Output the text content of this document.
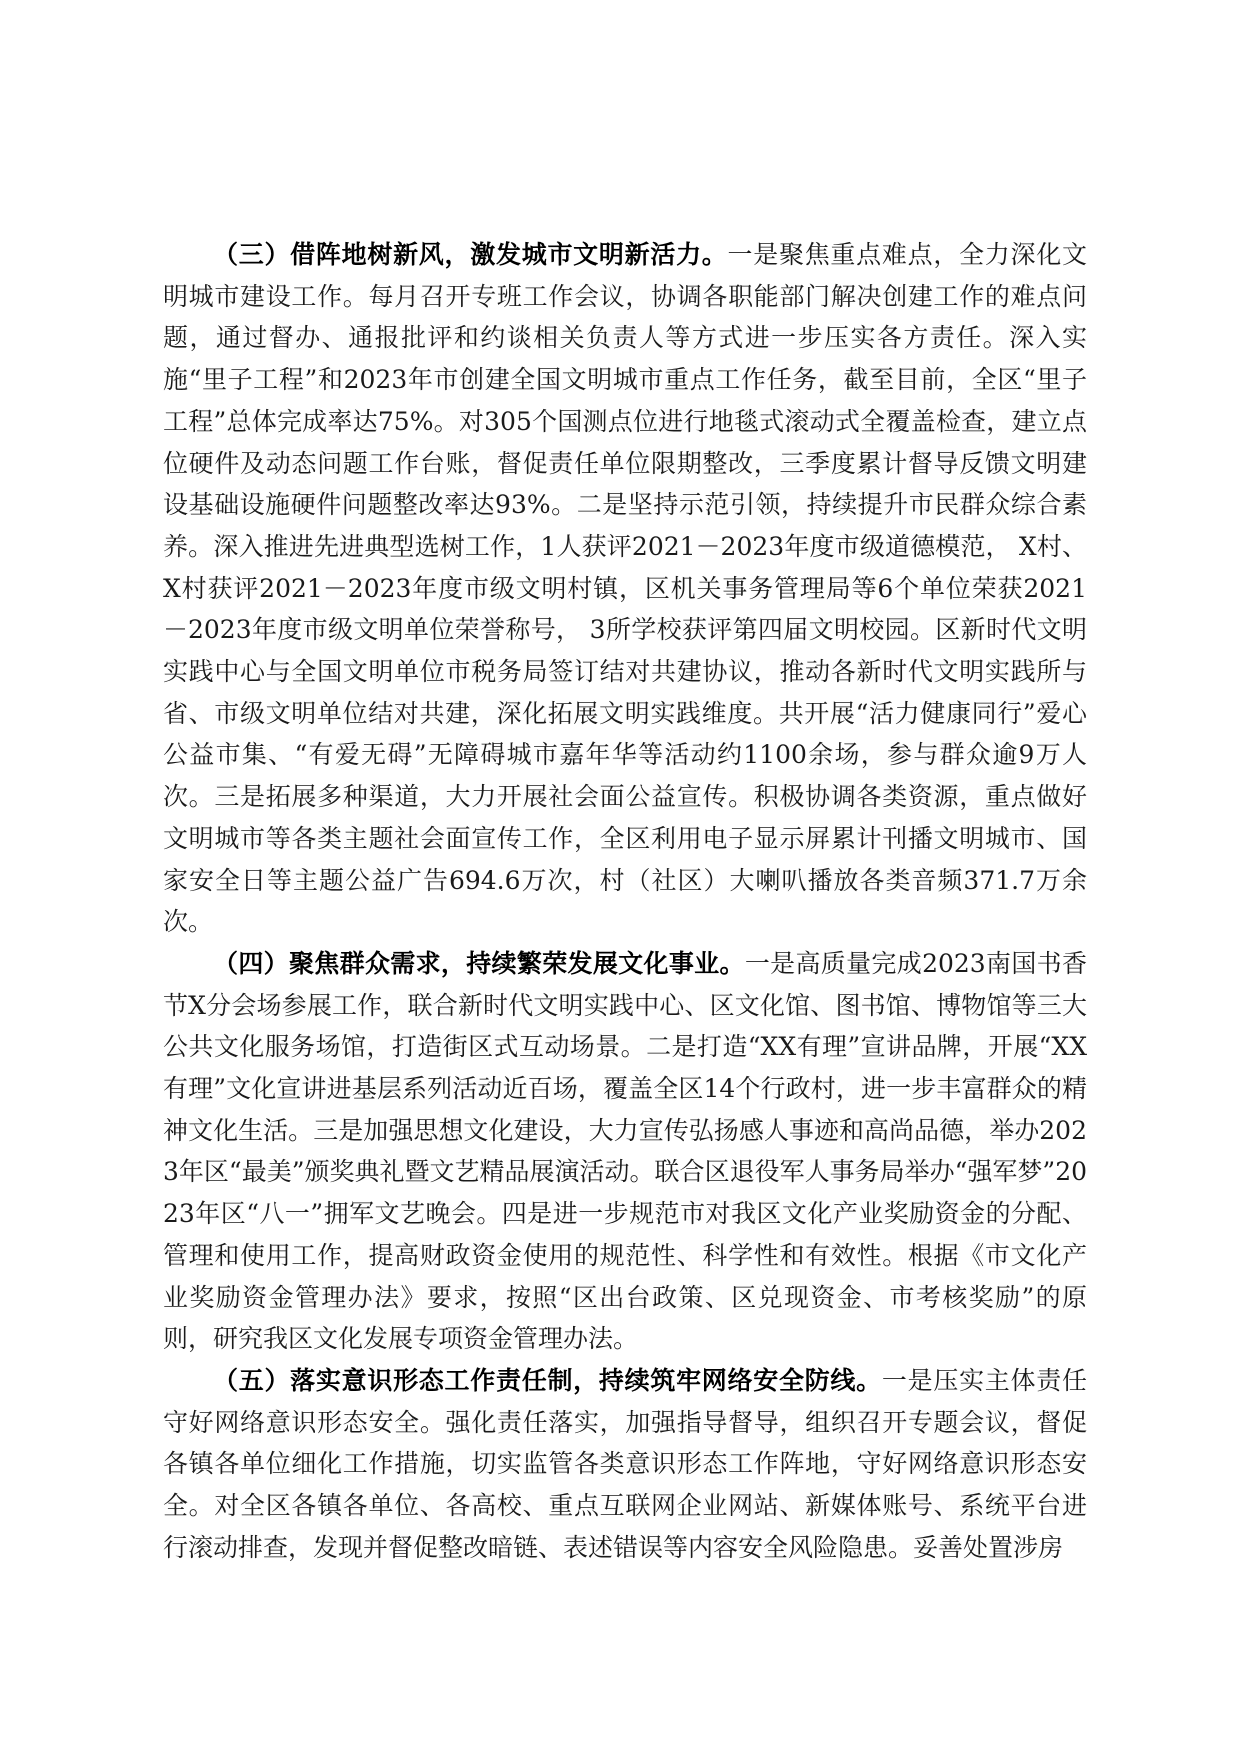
（三）借阵地树新风，激发城市文明新活力。一是聚焦重点难点，全力深化文明城市建设工作。每月召开专班工作会议，协调各职能部门解决创建工作的难点问题，通过督办、通报批评和约谈相关负责人等方式进一步压实各方责任。深入实施“里子工程”和2023年市创建全国文明城市重点工作任务，截至目前，全区“里子工程”总体完成率达75%。对305个国测点位进行地毯式滚动式全覆盖检查，建立点位硬件及动态问题工作台账，督促责任单位限期整改，三季度累计督导反馈文明建设基础设施硬件问题整改率达93%。二是坚持示范引领，持续提升市民群众综合素养。深入推进先进典型选树工作，1人获评2021－2023年度市级道德模范， X村、X村获评2021－2023年度市级文明村镇，区机关事务管理局等6个单位荣获2021－2023年度市级文明单位荣誉称号， 3所学校获评第四届文明校园。区新时代文明实践中心与全国文明单位市税务局签订结对共建协议，推动各新时代文明实践所与省、市级文明单位结对共建，深化拓展文明实践维度。共开展“活力健康同行”爱心公益市集、“有爱无碍”无障碍城市嘉年华等活动约1100余场，参与群众逾9万人次。三是拓展多种渠道，大力开展社会面公益宣传。积极协调各类资源，重点做好文明城市等各类主题社会面宣传工作，全区利用电子显示屏累计刊播文明城市、国家安全日等主题公益广告694.6万次，村（社区）大喇叭播放各类音频371.7万余次。

（四）聚焦群众需求，持续繁荣发展文化事业。一是高质量完成2023南国书香节X分会场参展工作，联合新时代文明实践中心、区文化馆、图书馆、博物馆等三大公共文化服务场馆，打造街区式互动场景。二是打造“XX有理”宣讲品牌，开展“XX有理”文化宣讲进基层系列活动近百场，覆盖全区14个行政村，进一步丰富群众的精神文化生活。三是加强思想文化建设，大力宣传弘扬感人事迹和高尚品德，举办2023年区“最美”颁奖典礼暨文艺精品展演活动。联合区退役军人事务局举办“强军梦”2023年区“八一”拥军文艺晚会。四是进一步规范市对我区文化产业奖励资金的分配、管理和使用工作，提高财政资金使用的规范性、科学性和有效性。根据《市文化产业奖励资金管理办法》要求，按照“区出台政策、区兑现资金、市考核奖励”的原则，研究我区文化发展专项资金管理办法。

（五）落实意识形态工作责任制，持续筑牢网络安全防线。一是压实主体责任守好网络意识形态安全。强化责任落实，加强指导督导，组织召开专题会议，督促各镇各单位细化工作措施，切实监管各类意识形态工作阵地，守好网络意识形态安全。对全区各镇各单位、各高校、重点互联网企业网站、新媒体账号、系统平台进行滚动排查，发现并督促整改暗链、表述错误等内容安全风险隐患。妥善处置涉房
